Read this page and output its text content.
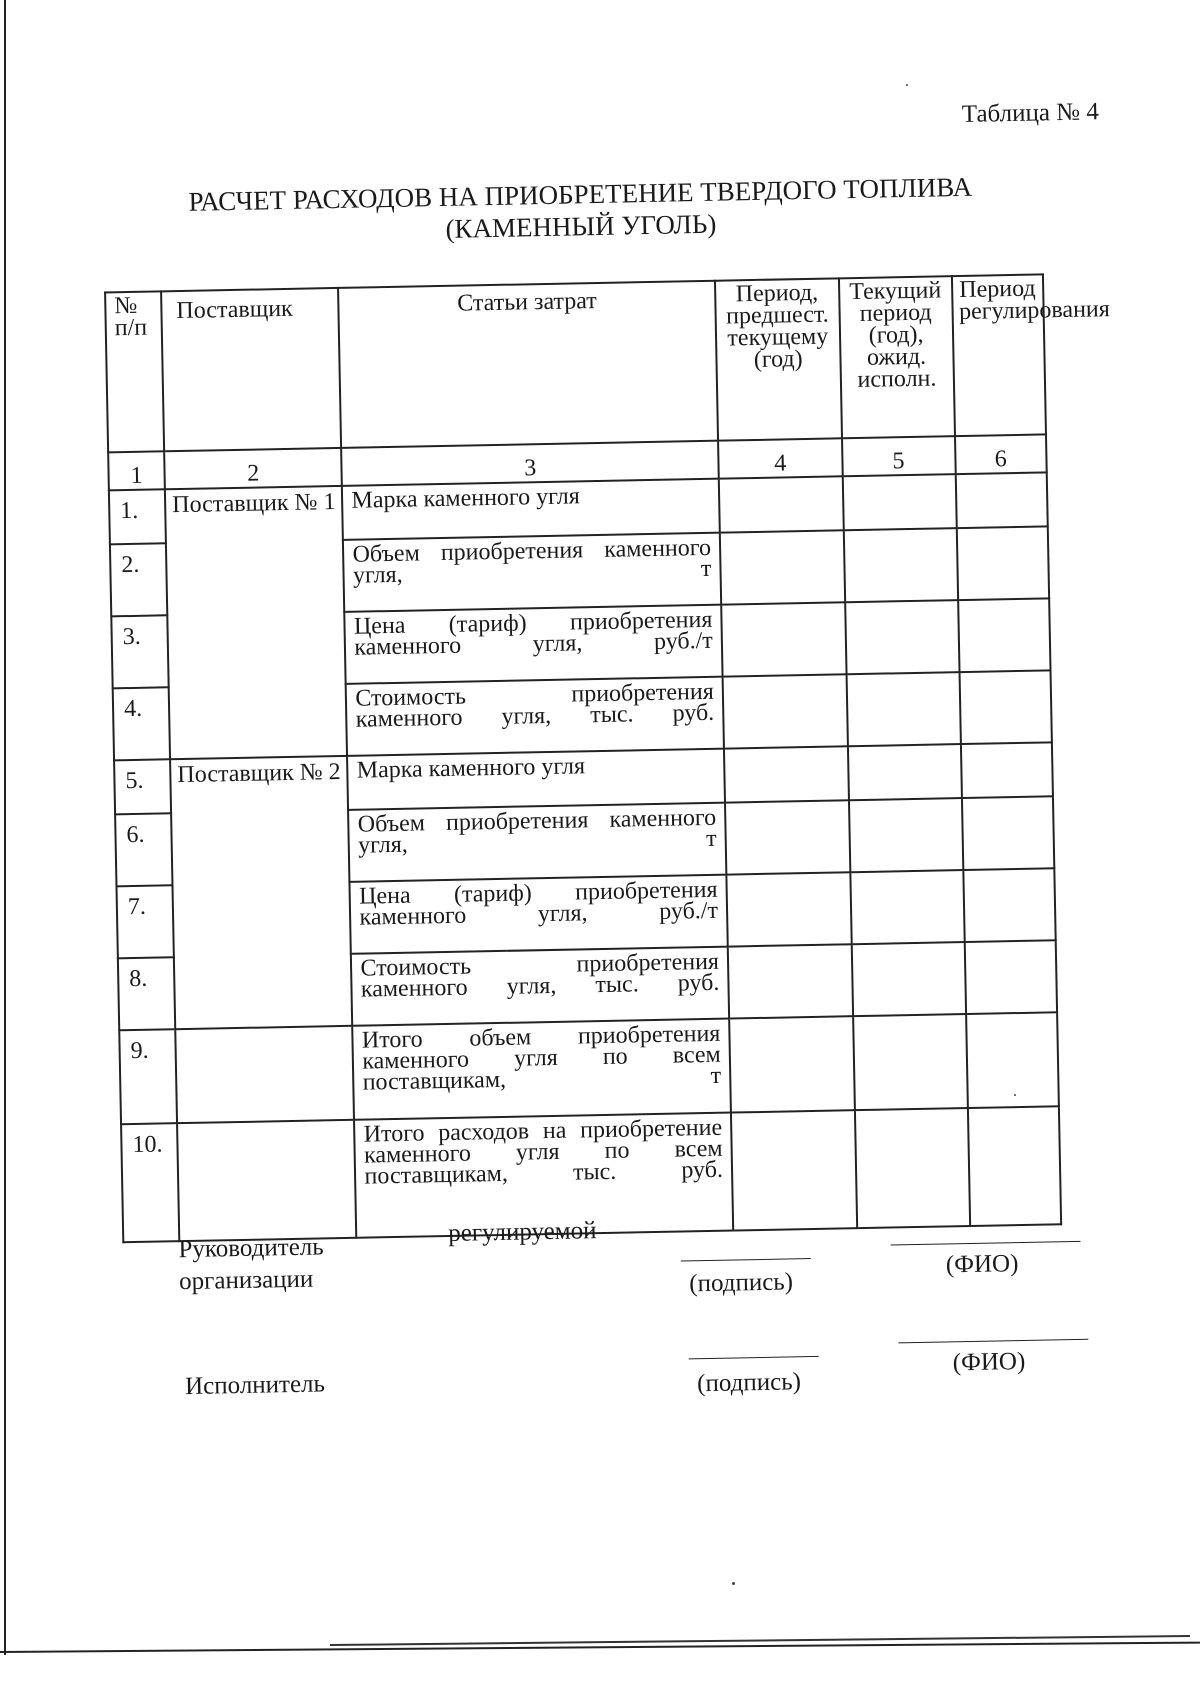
Таблица № 4
РАСЧЕТ РАСХОДОВ НА ПРИОБРЕТЕНИЕ ТВЕРДОГО ТОПЛИВА
(КАМЕННЫЙ УГОЛЬ)
№ п/п	Поставщик	Статьи затрат	Период, предшест. текущему (год)	Текущий период (год), ожид. исполн.	Период регулирования
1	2	3	4	5	6
1.	Поставщик № 1	Марка каменного угля			
2.		Объем приобретения каменного угля, т			
3.		Цена (тариф) приобретения каменного угля, руб./т			
4.		Стоимость приобретения каменного угля, тыс. руб.			
5.	Поставщик № 2	Марка каменного угля			
6.		Объем приобретения каменного угля, т			
7.		Цена (тариф) приобретения каменного угля, руб./т			
8.		Стоимость приобретения каменного угля, тыс. руб.			
9.		Итого объем приобретения каменного угля по всем поставщикам, т			
10.		Итого расходов на приобретение каменного угля по всем поставщикам, тыс. руб.			
Руководитель
регулируемой
организации	(подпись)
(ФИО)
Исполнитель	(подпись)
(ФИО)
